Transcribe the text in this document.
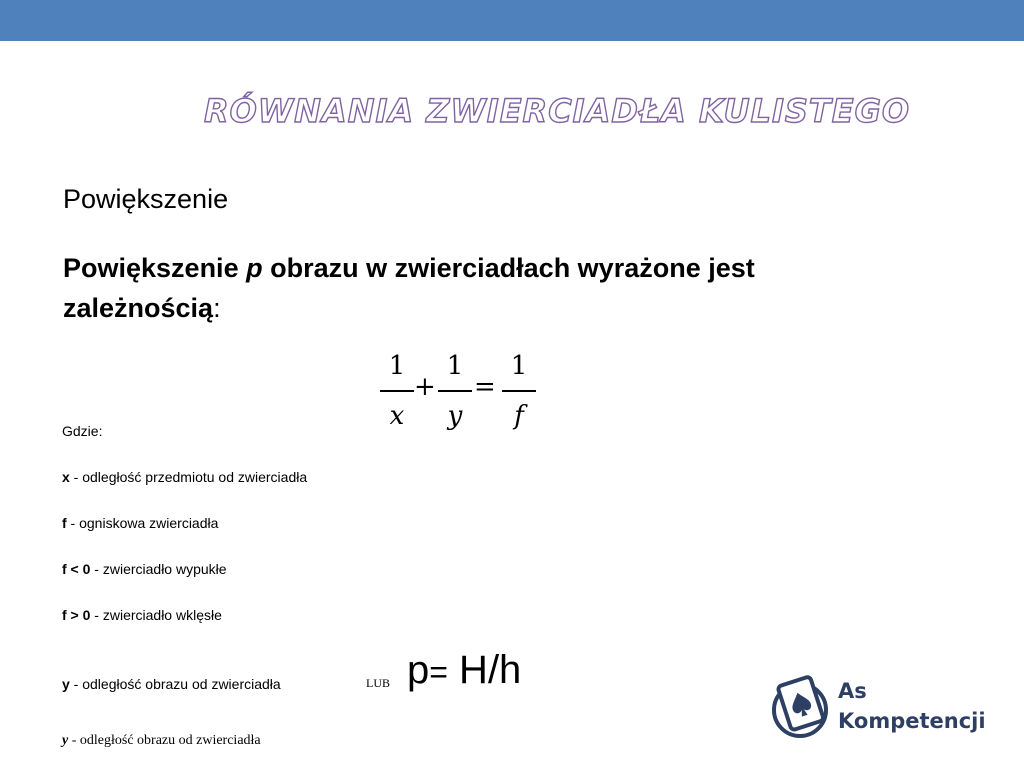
RÓWNANIA ZWIERCIADŁA KULISTEGO
Powiększenie
Powiększenie p obrazu w zwierciadłach wyrażone jest zależnością:
1
x
+
1
y
=
1
f
Gdzie:
x - odległość przedmiotu od zwierciadła
f - ogniskowa zwierciadła
f < 0 - zwierciadło wypukłe
f > 0 - zwierciadło wklęsłe
y - odległość obrazu od zwierciadła	LUB p= H/h
y - odległość obrazu od zwierciadła
As
Kompetencji
